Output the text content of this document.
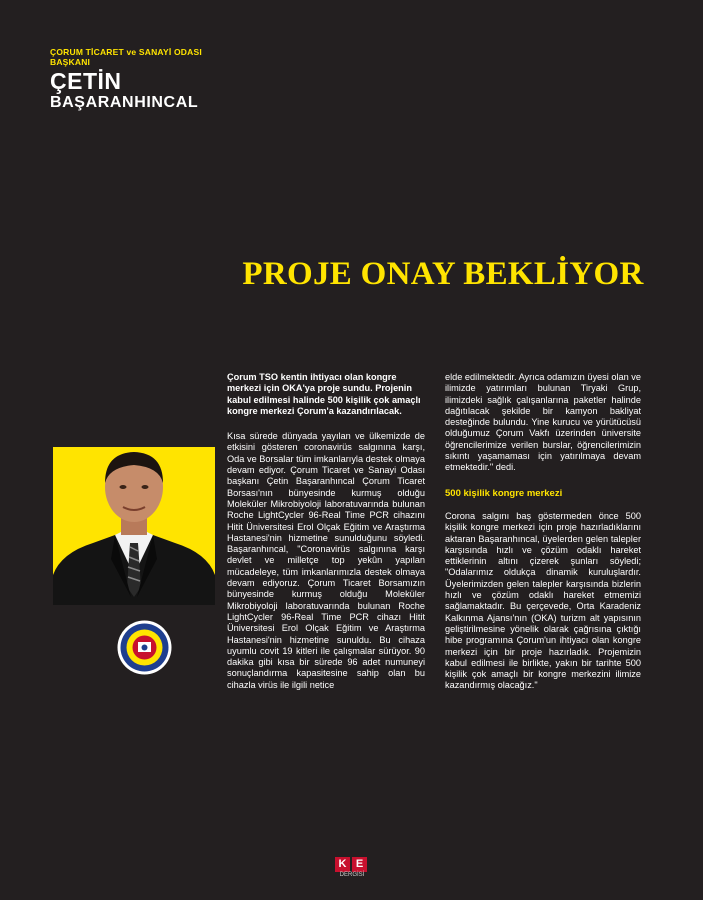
ÇORUM TİCARET ve SANAYİ ODASI
BAŞKANI
ÇETİN
BAŞARANHINCAL
PROJE ONAY BEKLİYOR

Çorum TSO kentin ihtiyacı olan kongre merkezi için OKA'ya proje sundu. Projenin kabul edilmesi halinde 500 kişilik çok amaçlı kongre merkezi Çorum'a kazandırılacak.

Kısa sürede dünyada yayılan ve ülkemizde de etkisini gösteren coronavirüs salgınına karşı, Oda ve Borsalar tüm imkanlarıyla destek olmaya devam ediyor. Çorum Ticaret ve Sanayi Odası başkanı Çetin Başaranhıncal Çorum Ticaret Borsası'nın bünyesinde kurmuş olduğu Moleküler Mikrobiyoloji laboratuvarında bulunan Roche LightCycler 96-Real Time PCR cihazını Hitit Üniversitesi Erol Olçak Eğitim ve Araştırma Hastanesi'nin hizmetine sunulduğunu söyledi. Başaranhıncal, "Coronavirüs salgınına karşı devlet ve milletçe top yekûn yapılan mücadeleye, tüm imkanlarımızla destek olmaya devam ediyoruz. Çorum Ticaret Borsamızın bünyesinde kurmuş olduğu Moleküler Mikrobiyoloji laboratuvarında bulunan Roche LightCycler 96-Real Time PCR cihazı Hitit Üniversitesi Erol Olçak Eğitim ve Araştırma Hastanesi'nin hizmetine sunuldu. Bu cihaza uyumlu covit 19 kitleri ile çalışmalar sürüyor. 90 dakika gibi kısa bir sürede 96 adet numuneyi sonuçlandırma kapasitesine sahip olan bu cihazla virüs ile ilgili netice

elde edilmektedir. Ayrıca odamızın üyesi olan ve ilimizde yatırımları bulunan Tiryaki Grup, ilimizdeki sağlık çalışanlarına paketler halinde dağıtılacak şekilde bir kamyon bakliyat desteğinde bulundu. Yine kurucu ve yürütücüsü olduğumuz Çorum Vakfı üzerinden üniversite öğrencilerimize verilen burslar, öğrencilerimizin sıkıntı yaşamaması için yatırılmaya devam etmektedir." dedi.

500 kişilik kongre merkezi

Corona salgını baş göstermeden önce 500 kişilik kongre merkezi için proje hazırladıklarını aktaran Başaranhıncal, üyelerden gelen talepler karşısında hızlı ve çözüm odaklı hareket ettiklerinin altını çizerek şunları söyledi; "Odalarımız oldukça dinamik kuruluşlardır. Üyelerimizden gelen talepler karşısında bizlerin hızlı ve çözüm odaklı hareket etmemizi sağlamaktadır. Bu çerçevede, Orta Karadeniz Kalkınma Ajansı'nın (OKA) turizm alt yapısının geliştirilmesine yönelik olarak çağrısına çıktığı hibe programına Çorum'un ihtiyacı olan kongre merkezi için bir proje hazırladık. Projemizin kabul edilmesi ile birlikte, yakın bir tarihte 500 kişilik çok amaçlı bir kongre merkezini ilimize kazandırmış olacağız."

K E
DERGİSİ
